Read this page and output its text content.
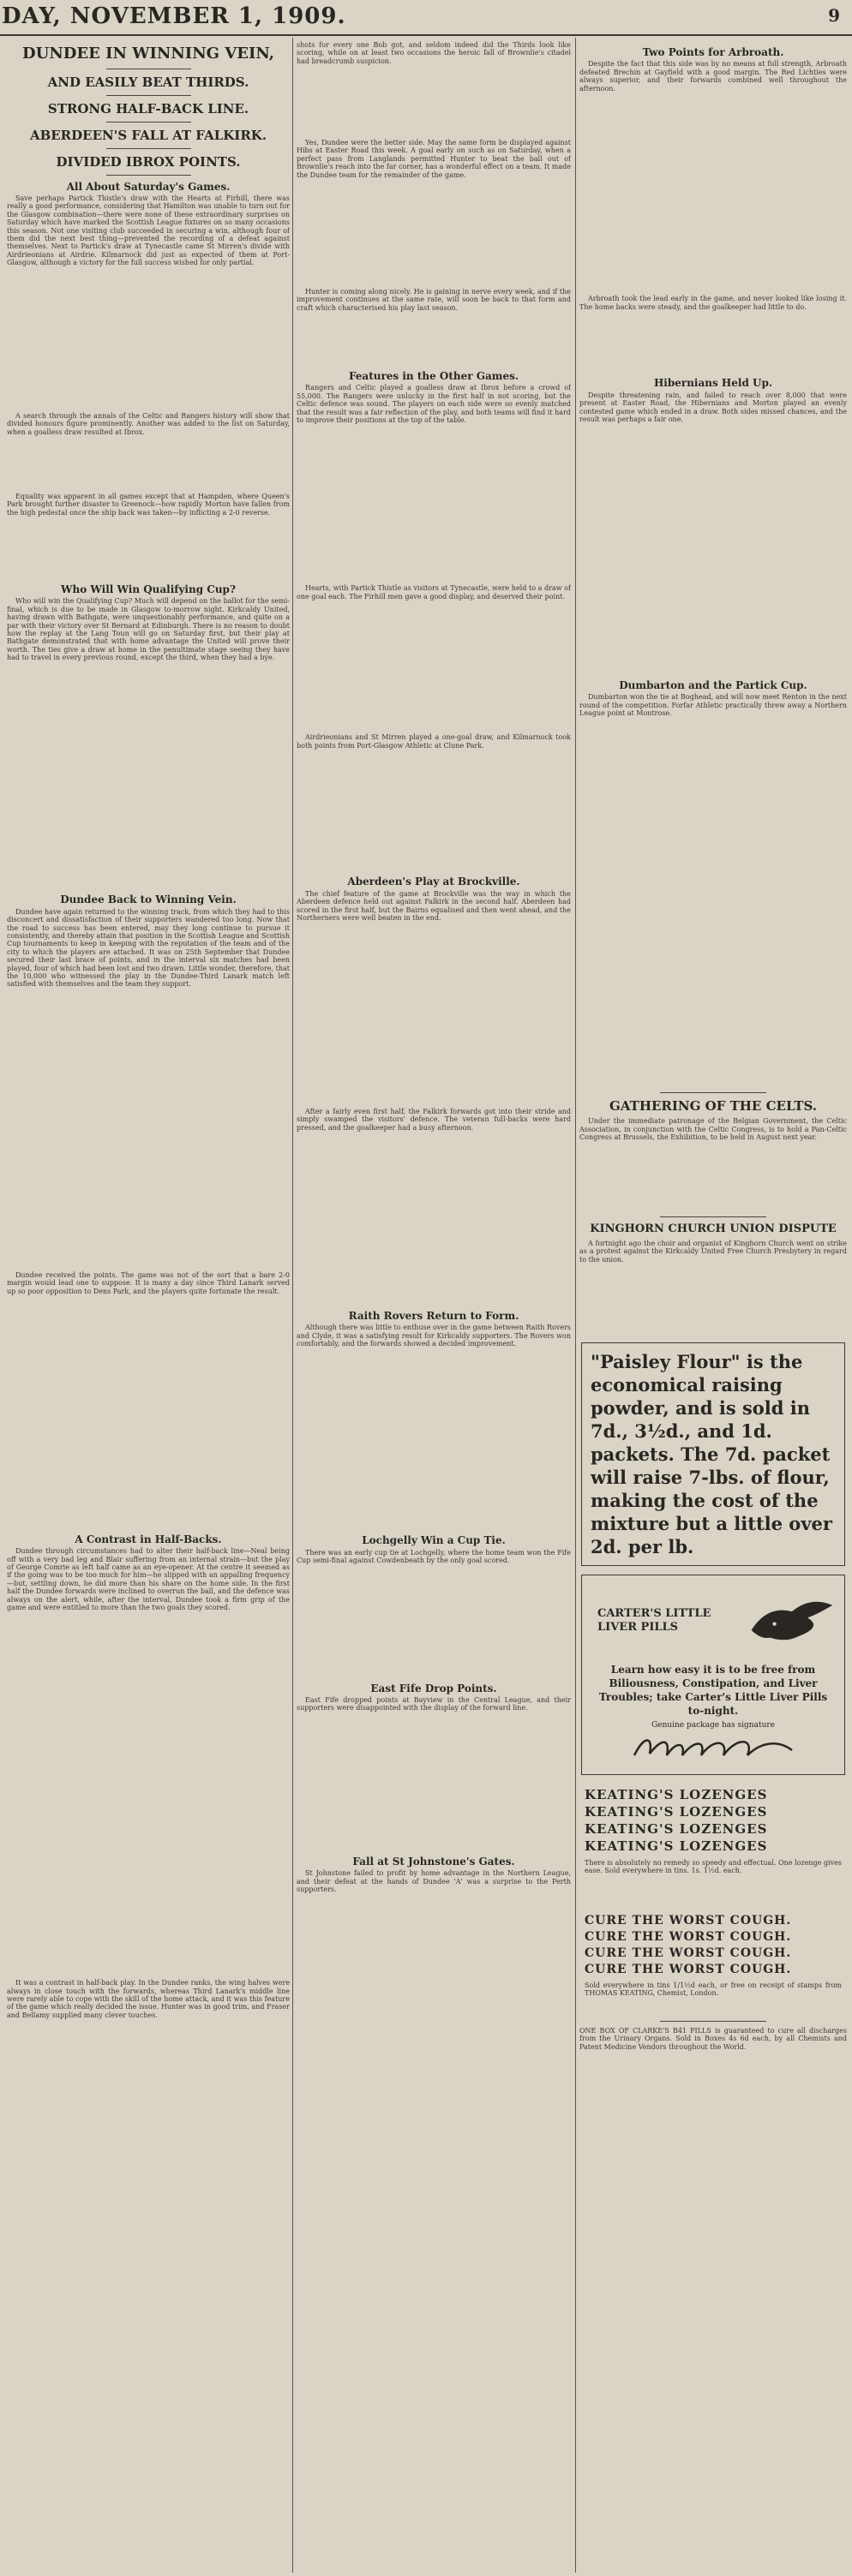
DAY, NOVEMBER 1, 1909.	9
DUNDEE IN WINNING VEIN,
AND EASILY BEAT THIRDS.
STRONG HALF-BACK LINE.
ABERDEEN'S FALL AT FALKIRK.
DIVIDED IBROX POINTS.
All About Saturday's Games.

Save perhaps Partick Thistle's draw with the Hearts at Firhill, there was really a good performance, considering that Hamilton was unable to turn out for the Glasgow combination—there were none of these extraordinary surprises on Saturday which have marked the Scottish League fixtures on so many occasions this season. Not one visiting club succeeded in securing a win, although four of them did the next best thing—prevented the recording of a defeat against themselves. Next to Partick's draw at Tynecastle came St Mirren's divide with Airdrieonians at Airdrie. Kilmarnock did just as expected of them at Port-Glasgow, although a victory for the full success wished for only partial.

A search through the annals of the Celtic and Rangers history will show that divided honours figure prominently. Another was added to the list on Saturday, when a goalless draw resulted at Ibrox.

Equality was apparent in all games except that at Hampden, where Queen's Park brought further disaster to Greenock—how rapidly Morton have fallen from the high pedestal once the ship back was taken—by inflicting a 2-0 reverse.

Who Will Win Qualifying Cup?

Who will win the Qualifying Cup? Much will depend on the ballot for the semi-final, which is due to be made in Glasgow to-morrow night. Kirkcaldy United, having drawn with Bathgate, were unquestionably performance, and quite on a par with their victory over St Bernard at Edinburgh. There is no reason to doubt how the replay at the Lang Toun will go on Saturday first, but their play at Bathgate demonstrated that with home advantage the United will prove their worth. The ties give a draw at home in the penultimate stage seeing they have had to travel in every previous round, except the third, when they had a bye.

Dundee Back to Winning Vein.

Dundee have again returned to the winning track, from which they had to this disconcert and dissatisfaction of their supporters wandered too long. Now that the road to success has been entered, may they long continue to pursue it consistently, and thereby attain that position in the Scottish League and Scottish Cup tournaments to keep in keeping with the reputation of the team and of the city to which the players are attached. It was on 25th September that Dundee secured their last brace of points, and in the interval six matches had been played, four of which had been lost and two drawn. Little wonder, therefore, that the 10,000 who witnessed the play in the Dundee-Third Lanark match left satisfied with themselves and the team they support.

Dundee received the points. The game was not of the sort that a bare 2-0 margin would lead one to suppose. It is many a day since Third Lanark served up so poor opposition to Dens Park, and the players quite fortunate the result.

A Contrast in Half-Backs.

Dundee through circumstances had to alter their half-back line—Neal being off with a very bad leg and Blair suffering from an internal strain—but the play of George Comrie as left half came as an eye-opener. At the centre it seemed as if the going was to be too much for him—he slipped with an appalling frequency—but, settling down, he did more than his share on the home side. In the first half the Dundee forwards were inclined to overrun the ball, and the defence was always on the alert, while, after the interval, Dundee took a firm grip of the game and were entitled to more than the two goals they scored.

It was a contrast in half-back play. In the Dundee ranks, the wing halves were always in close touch with the forwards, whereas Third Lanark's middle line were rarely able to cope with the skill of the home attack, and it was this feature of the game which really decided the issue. Hunter was in good trim, and Fraser and Bellamy supplied many clever touches.

shots for every one Bob got, and seldom indeed did the Thirds look like scoring, while on at least two occasions the heroic fall of Brownlie's citadel had breadcrumb suspicion.

Yes, Dundee were the better side. May the same form be displayed against Hibs at Easter Road this week. A goal early on such as on Saturday, when a perfect pass from Langlands permitted Hunter to beat the ball out of Brownlie's reach into the far corner, has a wonderful effect on a team. It made the Dundee team for the remainder of the game.

Hunter is coming along nicely. He is gaining in nerve every week, and if the improvement continues at the same rate, will soon be back to that form and craft which characterised his play last season.

Features in the Other Games.

Rangers and Celtic played a goalless draw at Ibrox before a crowd of 55,000. The Rangers were unlucky in the first half in not scoring, but the Celtic defence was sound. The players on each side were so evenly matched that the result was a fair reflection of the play, and both teams will find it hard to improve their positions at the top of the table.

Hearts, with Partick Thistle as visitors at Tynecastle, were held to a draw of one goal each. The Firhill men gave a good display, and deserved their point.

Airdrieonians and St Mirren played a one-goal draw, and Kilmarnock took both points from Port-Glasgow Athletic at Clune Park.

Aberdeen's Play at Brockville.

The chief feature of the game at Brockville was the way in which the Aberdeen defence held out against Falkirk in the second half. Aberdeen had scored in the first half, but the Bairns equalised and then went ahead, and the Northerners were well beaten in the end.

After a fairly even first half, the Falkirk forwards got into their stride and simply swamped the visitors' defence. The veteran full-backs were hard pressed, and the goalkeeper had a busy afternoon.

Raith Rovers Return to Form.

Although there was little to enthuse over in the game between Raith Rovers and Clyde, it was a satisfying result for Kirkcaldy supporters. The Rovers won comfortably, and the forwards showed a decided improvement.

Lochgelly Win a Cup Tie.

There was an early cup tie at Lochgelly, where the home team won the Fife Cup semi-final against Cowdenbeath by the only goal scored.

East Fife Drop Points.

East Fife dropped points at Bayview in the Central League, and their supporters were disappointed with the display of the forward line.

Fall at St Johnstone's Gates.

St Johnstone failed to profit by home advantage in the Northern League, and their defeat at the hands of Dundee 'A' was a surprise to the Perth supporters.

Two Points for Arbroath.

Despite the fact that this side was by no means at full strength, Arbroath defeated Brechin at Gayfield with a good margin. The Red Lichties were always superior, and their forwards combined well throughout the afternoon.

Arbroath took the lead early in the game, and never looked like losing it. The home backs were steady, and the goalkeeper had little to do.

Hibernians Held Up.

Despite threatening rain, and failed to reach over 8,000 that were present at Easter Road, the Hibernians and Morton played an evenly contested game which ended in a draw. Both sides missed chances, and the result was perhaps a fair one.

Dumbarton and the Partick Cup.

Dumbarton won the tie at Boghead, and will now meet Renton in the next round of the competition. Forfar Athletic practically threw away a Northern League point at Montrose.

GATHERING OF THE CELTS.

Under the immediate patronage of the Belgian Government, the Celtic Association, in conjunction with the Celtic Congress, is to hold a Pan-Celtic Congress at Brussels, the Exhibition, to be held in August next year.

KINGHORN CHURCH UNION DISPUTE

A fortnight ago the choir and organist of Kinghorn Church went on strike as a protest against the Kirkcaldy United Free Church Presbytery in regard to the union.

"Paisley Flour" is the economical raising powder, and is sold in 7d., 3½d., and 1d. packets. The 7d. packet will raise 7-lbs. of flour, making the cost of the mixture but a little over 2d. per lb.
CARTER'S LITTLE LIVER PILLS
Learn how easy it is to be free from Biliousness, Constipation, and Liver Troubles; take Carter's Little Liver Pills to-night.
Genuine package has signature
KEATING'S LOZENGES
KEATING'S LOZENGES
KEATING'S LOZENGES
KEATING'S LOZENGES

There is absolutely no remedy so speedy and effectual. One lozenge gives ease. Sold everywhere in tins. 1s. 1½d. each.

CURE THE WORST COUGH.
CURE THE WORST COUGH.
CURE THE WORST COUGH.
CURE THE WORST COUGH.

Sold everywhere in tins 1/1½d each, or free on receipt of stamps from THOMAS KEATING, Chemist, London.

ONE BOX OF CLARKE'S B41 PILLS is guaranteed to cure all discharges from the Urinary Organs. Sold in Boxes 4s 6d each, by all Chemists and Patent Medicine Vendors throughout the World.
